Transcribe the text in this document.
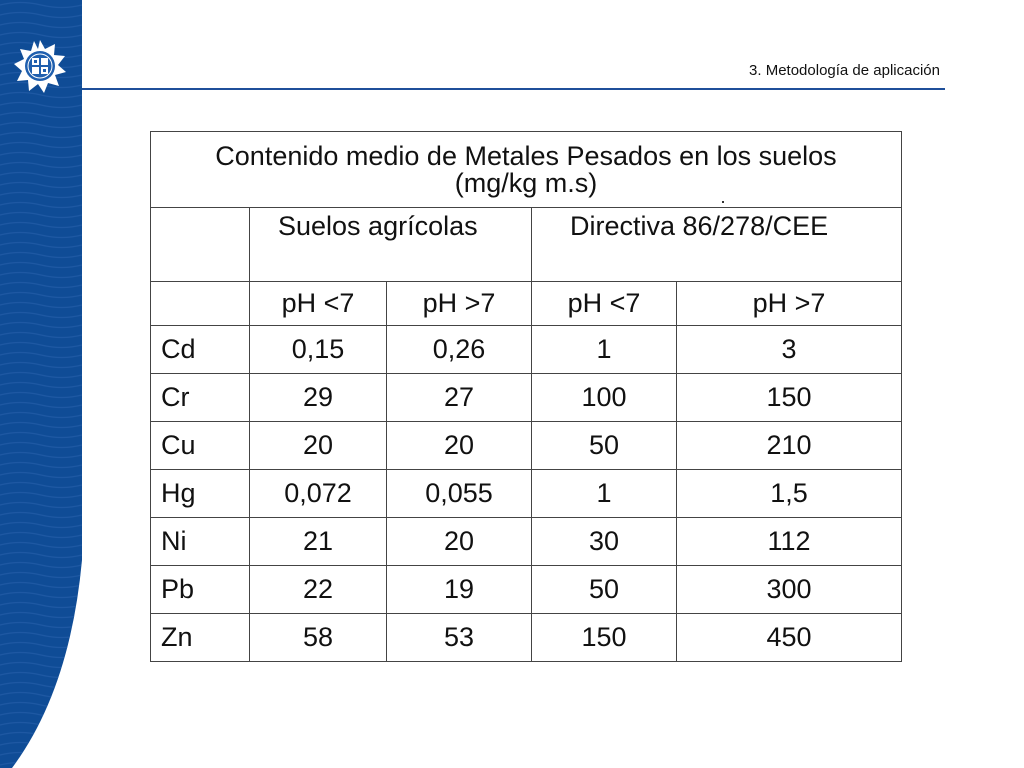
3. Metodología de aplicación
Contenido medio de Metales Pesados en los suelos
(mg/kg m.s)				

	Suelos agrícolas		Directiva 86/278/CEE	
	pH <7	pH >7	pH <7	pH >7
Cd	0,15	0,26	1	3
Cr	29	27	100	150
Cu	20	20	50	210
Hg	0,072	0,055	1	1,5
Ni	21	20	30	112
Pb	22	19	50	300
Zn	58	53	150	450
